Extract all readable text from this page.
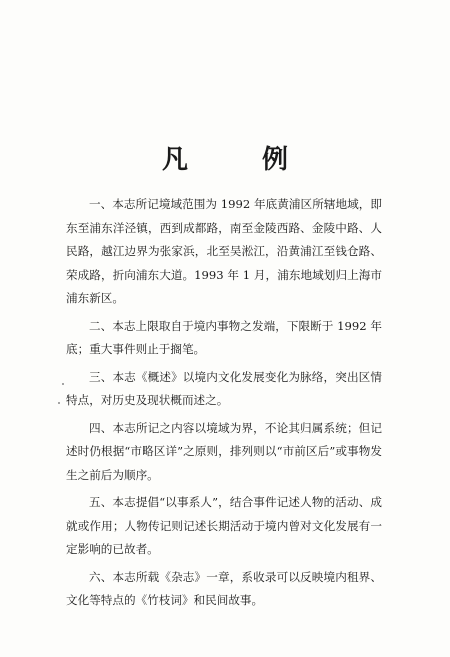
凡　例

一、本志所记境域范围为 1992 年底黄浦区所辖地域，即东至浦东洋泾镇，西到成都路，南至金陵西路、金陵中路、人民路，越江边界为张家浜，北至吴淞江，沿黄浦江至钱仓路、荣成路，折向浦东大道。1993 年 1 月，浦东地域划归上海市浦东新区。

二、本志上限取自于境内事物之发端，下限断于 1992 年底；重大事件则止于搁笔。

三、本志《概述》以境内文化发展变化为脉络，突出区情特点，对历史及现状概而述之。

四、本志所记之内容以境域为界，不论其归属系统；但记述时仍根据“市略区详”之原则，排列则以“市前区后”或事物发生之前后为顺序。

五、本志提倡“以事系人”，结合事件记述人物的活动、成就或作用；人物传记则记述长期活动于境内曾对文化发展有一定影响的已故者。

六、本志所载《杂志》一章，系收录可以反映境内租界、文化等特点的《竹枝词》和民间故事。
